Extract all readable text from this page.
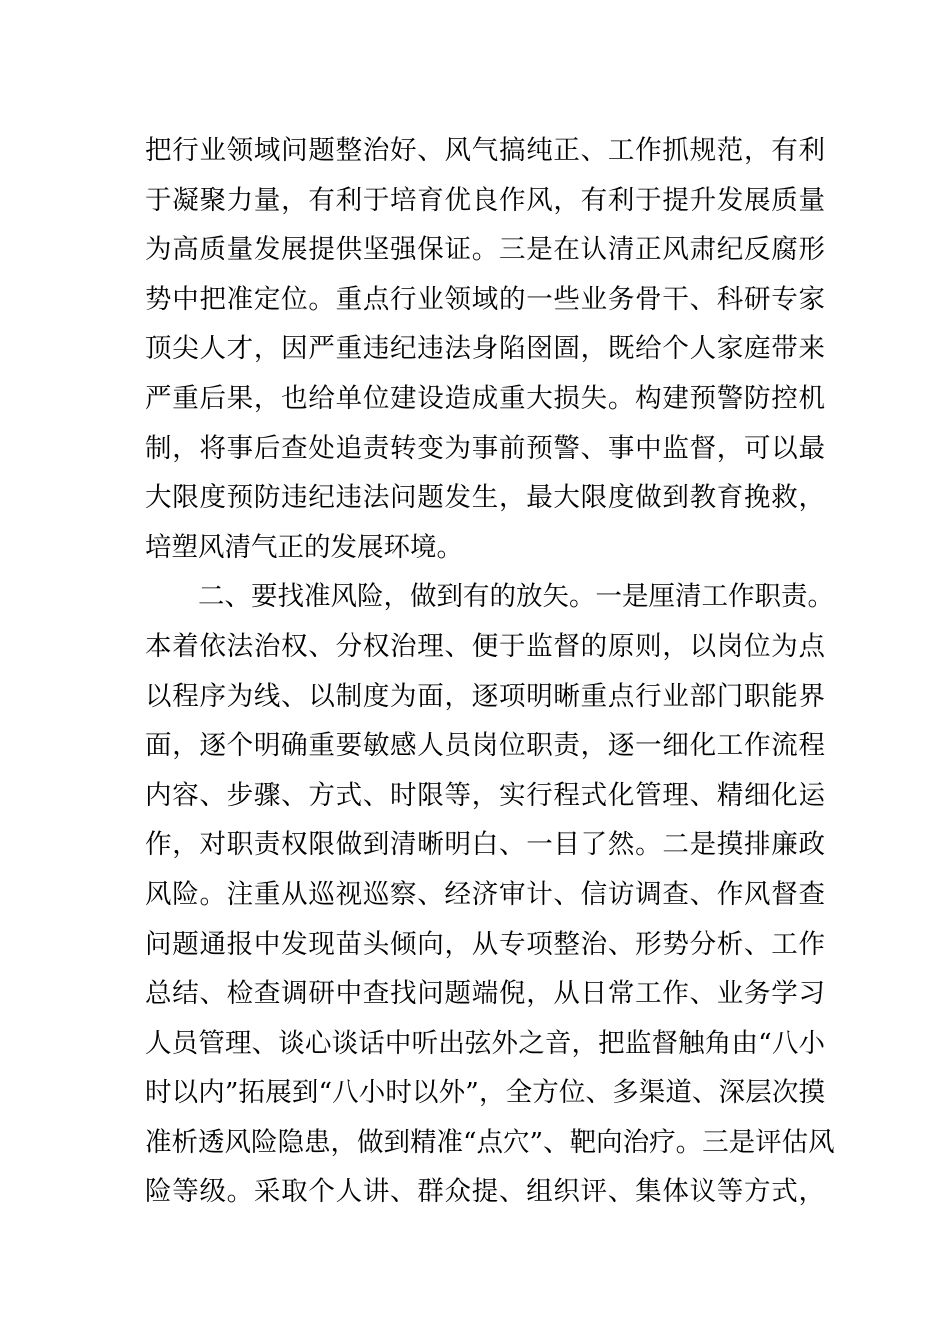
把行业领域问题整治好、风气搞纯正、工作抓规范，有利
于凝聚力量，有利于培育优良作风，有利于提升发展质量
为高质量发展提供坚强保证。三是在认清正风肃纪反腐形
势中把准定位。重点行业领域的一些业务骨干、科研专家
顶尖人才，因严重违纪违法身陷囹圄，既给个人家庭带来
严重后果，也给单位建设造成重大损失。构建预警防控机
制，将事后查处追责转变为事前预警、事中监督，可以最
大限度预防违纪违法问题发生，最大限度做到教育挽救，
培塑风清气正的发展环境。
二、要找准风险，做到有的放矢。一是厘清工作职责。
本着依法治权、分权治理、便于监督的原则，以岗位为点
以程序为线、以制度为面，逐项明晰重点行业部门职能界
面，逐个明确重要敏感人员岗位职责，逐一细化工作流程
内容、步骤、方式、时限等，实行程式化管理、精细化运
作，对职责权限做到清晰明白、一目了然。二是摸排廉政
风险。注重从巡视巡察、经济审计、信访调查、作风督查
问题通报中发现苗头倾向，从专项整治、形势分析、工作
总结、检查调研中查找问题端倪，从日常工作、业务学习
人员管理、谈心谈话中听出弦外之音，把监督触角由“八小
时以内”拓展到“八小时以外”，全方位、多渠道、深层次摸
准析透风险隐患，做到精准“点穴”、靶向治疗。三是评估风
险等级。采取个人讲、群众提、组织评、集体议等方式，
